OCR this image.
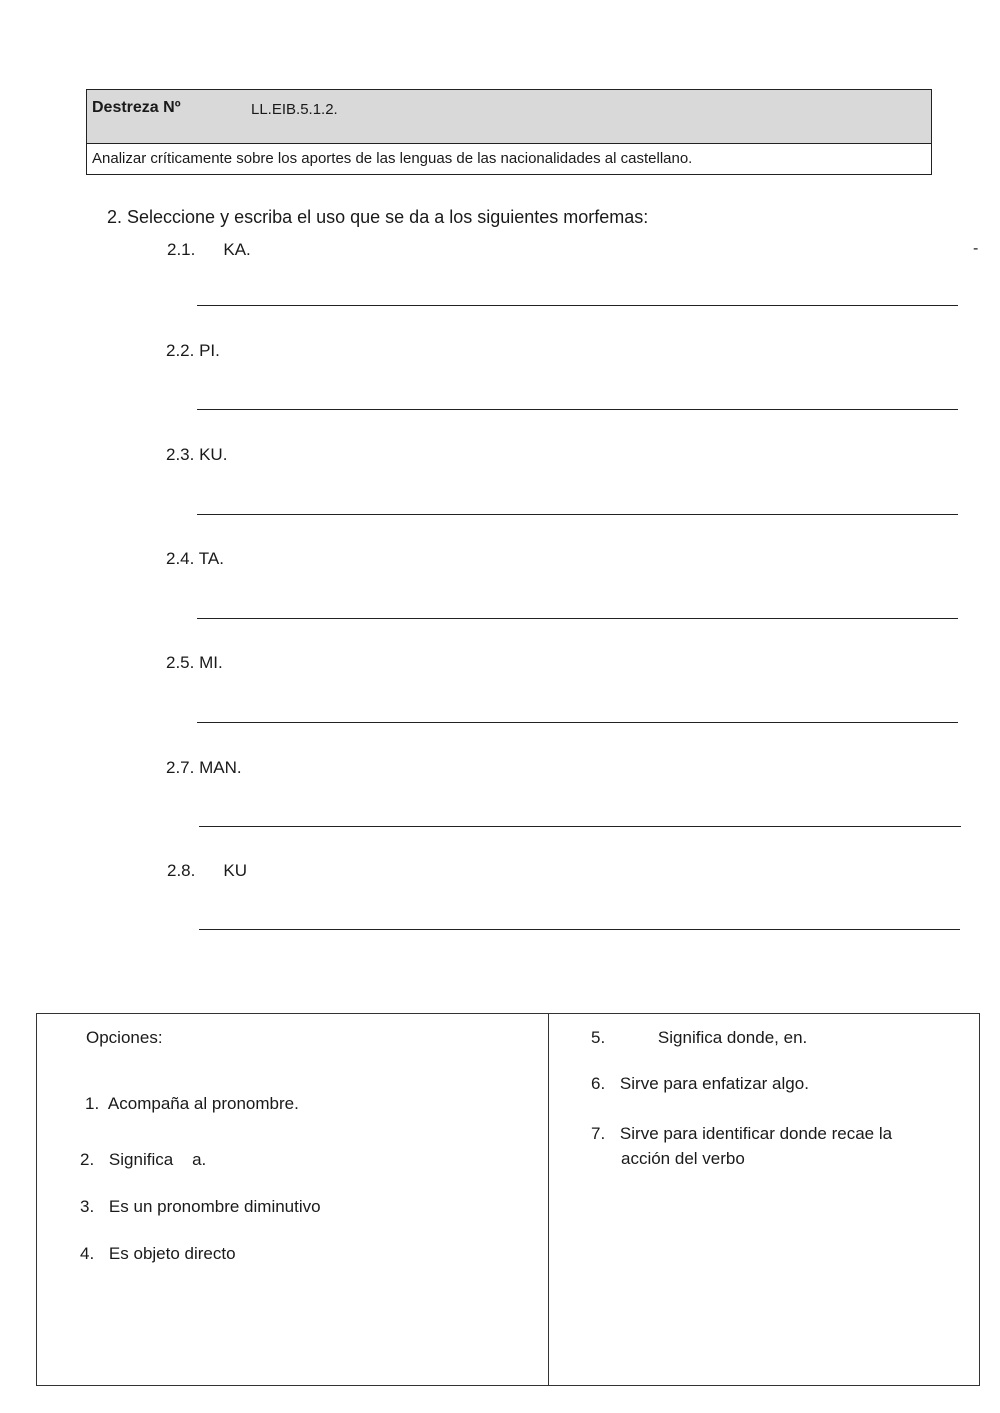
Destreza Nº	LL.EIB.5.1.2.
Analizar críticamente sobre los aportes de las lenguas de las nacionalidades al castellano.
2. Seleccione y escriba el uso que se da a los siguientes morfemas:
-
2.1. KA.
2.2. PI.
2.3. KU.
2.4. TA.
2.5. MI.
2.7. MAN.
2.8. KU
Opciones:
1. Acompaña al pronombre.
2. Significa    a.
3. Es un pronombre diminutivo
4. Es objeto directo
5.	Significa donde, en.
6. Sirve para enfatizar algo.
7. Sirve para identificar donde recae la
acción del verbo
